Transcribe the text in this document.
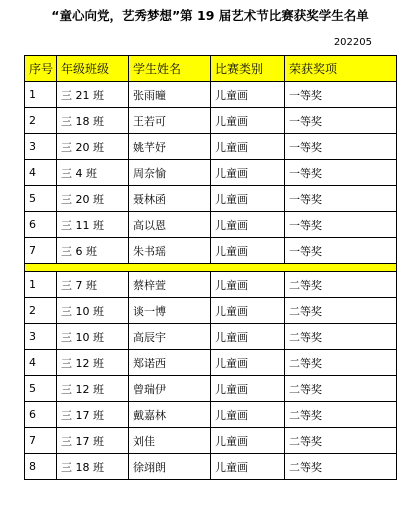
“童心向党，艺秀梦想”第 19 届艺术节比赛获奖学生名单
202205
序号	年级班级	学生姓名	比赛类别	荣获奖项
1	三 21 班	张雨曈	儿童画	一等奖
2	三 18 班	王若可	儿童画	一等奖
3	三 20 班	姚芊妤	儿童画	一等奖
4	三 4 班	周奈愉	儿童画	一等奖
5	三 20 班	聂林函	儿童画	一等奖
6	三 11 班	高以恩	儿童画	一等奖
7	三 6 班	朱书瑶	儿童画	一等奖

1	三 7 班	蔡梓萱	儿童画	二等奖
2	三 10 班	谈一博	儿童画	二等奖
3	三 10 班	高辰宇	儿童画	二等奖
4	三 12 班	郑诺西	儿童画	二等奖
5	三 12 班	曾瑞伊	儿童画	二等奖
6	三 17 班	戴嘉林	儿童画	二等奖
7	三 17 班	刘佳	儿童画	二等奖
8	三 18 班	徐翊朗	儿童画	二等奖
